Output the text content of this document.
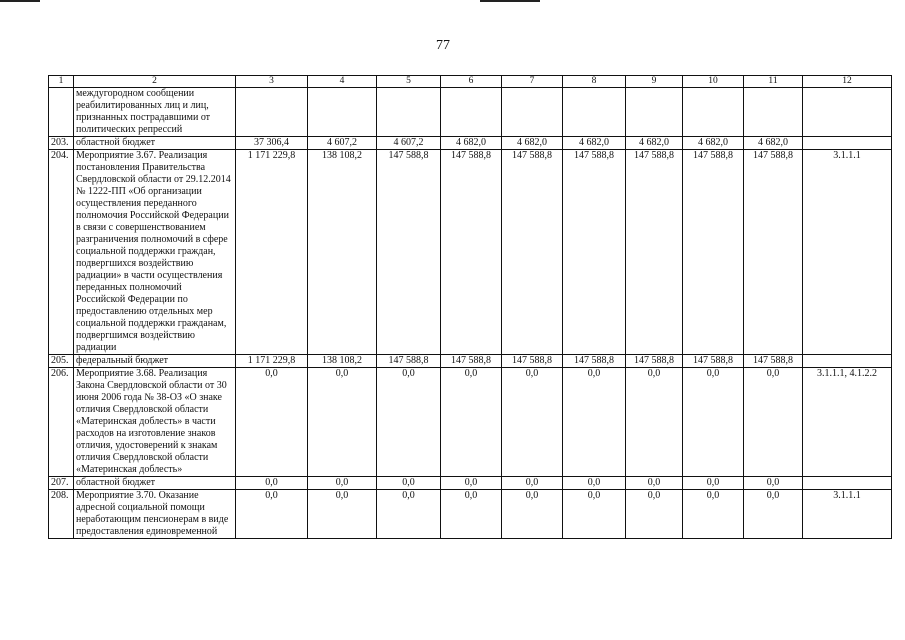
77
1	2	3	4	5	6	7	8	9	10	11	12
	междугородном сообщении реабилитированных лиц и лиц, признанных пострадавшими от политических репрессий										
203.	областной бюджет	37 306,4	4 607,2	4 607,2	4 682,0	4 682,0	4 682,0	4 682,0	4 682,0	4 682,0	
204.	Мероприятие 3.67. Реализация постановления Правительства Свердловской области от 29.12.2014 № 1222-ПП «Об организации осуществления переданного полномочия Российской Федерации в связи с совершенствованием разграничения полномочий в сфере социальной поддержки граждан, подвергшихся воздействию радиации» в части осуществления переданных полномочий Российской Федерации по предоставлению отдельных мер социальной поддержки гражданам, подвергшимся воздействию радиации	1 171 229,8	138 108,2	147 588,8	147 588,8	147 588,8	147 588,8	147 588,8	147 588,8	147 588,8	3.1.1.1
205.	федеральный бюджет	1 171 229,8	138 108,2	147 588,8	147 588,8	147 588,8	147 588,8	147 588,8	147 588,8	147 588,8	
206.	Мероприятие 3.68. Реализация Закона Свердловской области от 30 июня 2006 года № 38-ОЗ «О знаке отличия Свердловской области «Материнская доблесть» в части расходов на изготовление знаков отличия, удостоверений к знакам отличия Свердловской области «Материнская доблесть»	0,0	0,0	0,0	0,0	0,0	0,0	0,0	0,0	0,0	3.1.1.1, 4.1.2.2
207.	областной бюджет	0,0	0,0	0,0	0,0	0,0	0,0	0,0	0,0	0,0	
208.	Мероприятие 3.70. Оказание адресной социальной помощи неработающим пенсионерам в виде предоставления единовременной	0,0	0,0	0,0	0,0	0,0	0,0	0,0	0,0	0,0	3.1.1.1
